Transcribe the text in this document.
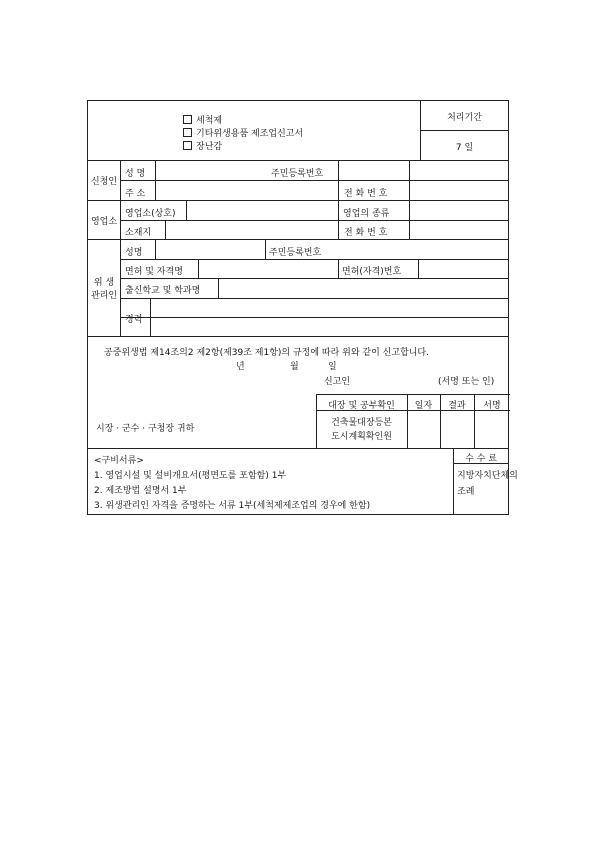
세척제
기타위생용품 제조업신고서
장난감
처리기간
7 일
신청인
성 명	주민등록번호
주 소	전 화 번 호
영업소
영업소(상호)	영업의 종류
소재지	전 화 번 호
위 생
관리인
성명	주민등록번호
면허 및 자격명	면허(자격)번호
출신학교 및 학과명
경력
공중위생법 제14조의2 제2항(제39조 제1항)의 규정에 따라 위와 같이 신고합니다.
년	월	일
신고인	(서명 또는 인)
시장 · 군수 · 구청장 귀하
대장 및 공부확인	일자	결과	서명
건축물대장등본
도시계획확인원
<구비서류>
1. 영업시설 및 설비개요서(평면도를 포함함) 1부
2. 제조방법 설명서 1부
3. 위생관리인 자격을 증명하는 서류 1부(세척제제조업의 경우에 한함)
수 수 료
지방자치단체의
조례
